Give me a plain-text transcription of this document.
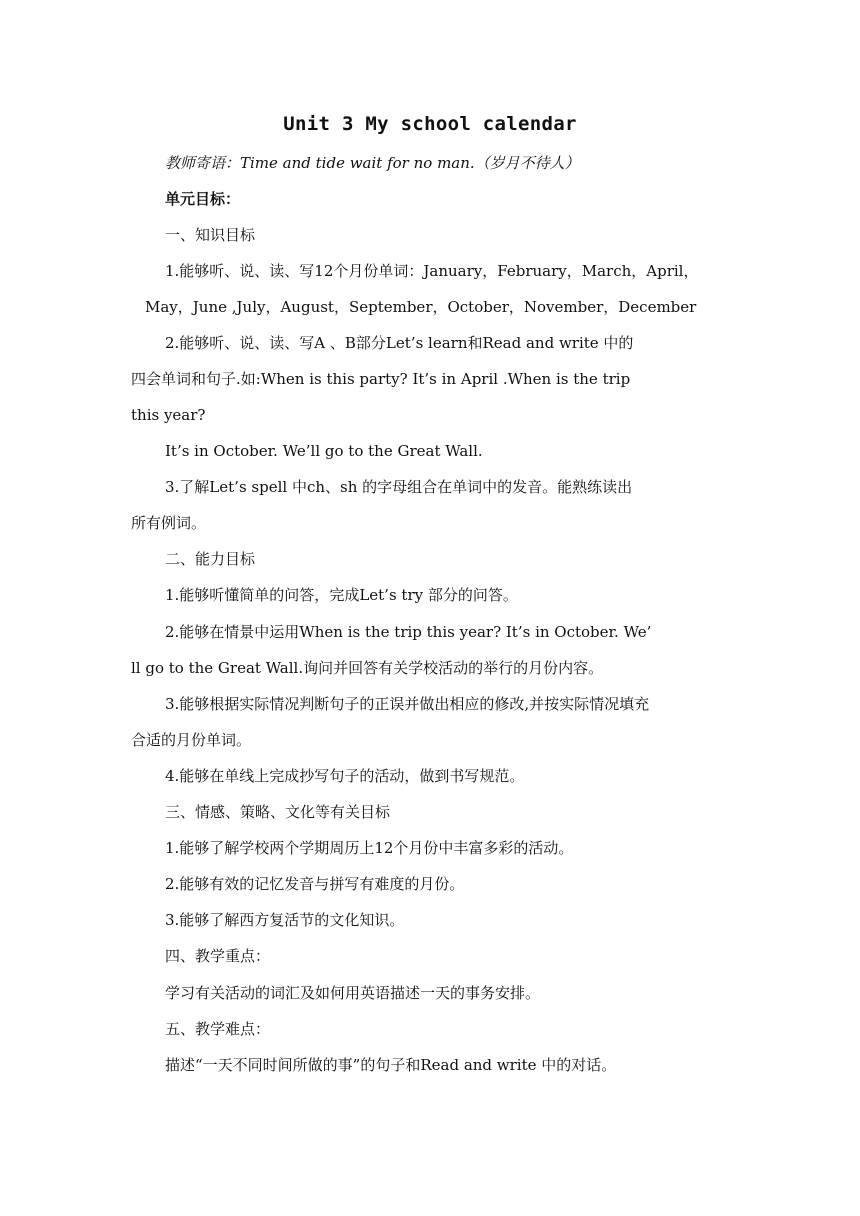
Unit 3 My school calendar
教师寄语：Time and tide wait for no man.（岁月不待人）
单元目标：
一、知识目标
1.能够听、说、读、写12个月份单词：January，February，March，April，
May，June ,July，August，September，October，November，December
2.能够听、说、读、写A 、B部分Let’s learn和Read and write 中的
四会单词和句子.如:When is this party? It’s in April .When is the trip
this year?
It’s in October. We’ll go to the Great Wall.
3.了解Let’s spell 中ch、sh 的字母组合在单词中的发音。能熟练读出
所有例词。
二、能力目标
1.能够听懂简单的问答，完成Let’s try 部分的问答。
2.能够在情景中运用When is the trip this year? It’s in October. We’
ll go to the Great Wall.询问并回答有关学校活动的举行的月份内容。
3.能够根据实际情况判断句子的正误并做出相应的修改,并按实际情况填充
合适的月份单词。
4.能够在单线上完成抄写句子的活动，做到书写规范。
三、情感、策略、文化等有关目标
1.能够了解学校两个学期周历上12个月份中丰富多彩的活动。
2.能够有效的记忆发音与拼写有难度的月份。
3.能够了解西方复活节的文化知识。
四、教学重点：
学习有关活动的词汇及如何用英语描述一天的事务安排。
五、教学难点：
描述“一天不同时间所做的事”的句子和Read and write 中的对话。
